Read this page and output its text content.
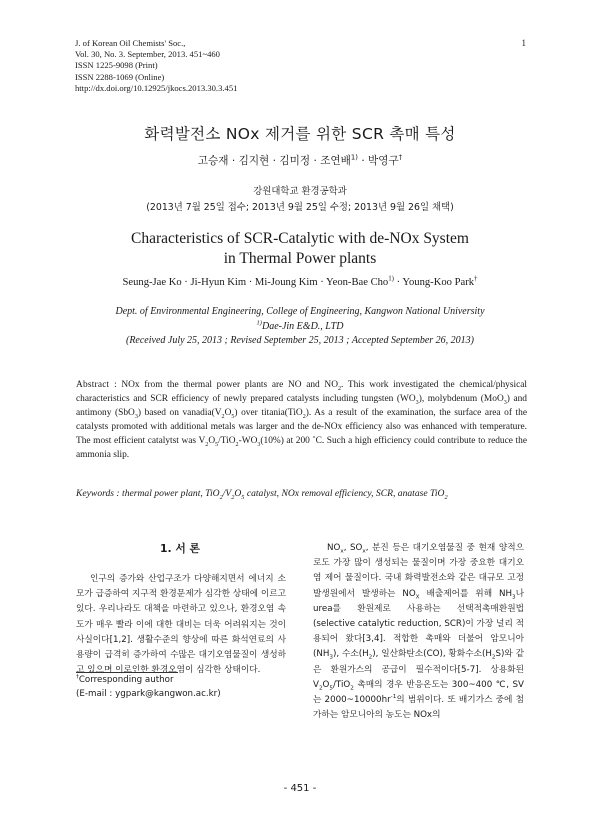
J. of Korean Oil Chemists' Soc.,
Vol. 30, No. 3. September, 2013. 451~460
ISSN 1225-9098 (Print)
ISSN 2288-1069 (Online)
http://dx.doi.org/10.12925/jkocs.2013.30.3.451
1
화력발전소 NOx 제거를 위한 SCR 촉매 특성
고승재 · 김지현 · 김미정 · 조연배$^{1)}$ · 박영구†
강원대학교 환경공학과
(2013년 7월 25일 접수; 2013년 9월 25일 수정; 2013년 9월 26일 채택)
Characteristics of SCR-Catalytic with de-NOx System
in Thermal Power plants
Seung-Jae Ko · Ji-Hyun Kim · Mi-Joung Kim · Yeon-Bae Cho$^{1)}$ · Young-Koo Park†
Dept. of Environmental Engineering, College of Engineering, Kangwon National University
$^{1)}$Dae-Jin E&D., LTD
(Received July 25, 2013 ; Revised September 25, 2013 ; Accepted September 26, 2013)
Abstract : NOx from the thermal power plants are NO and $NO_2$. This work investigated the chemical/physical characteristics and SCR efficiency of newly prepared catalysts including tungsten $(WO_3)$, molybdenum (MoO$_3$) and antimony (SbO$_3$) based on $vanadia(V_2O_5)$ over titania(TiO$_2$). As a result of the examination, the surface area of the catalysts promoted with additional metals was larger and the de-NOx efficiency also was enhanced with temperature. The most efficient catalytst was $V_2O_5/TiO_2-WO_3(10\%)$ at 200 ˚C. Such a high efficiency could contribute to reduce the ammonia slip.
Keywords : thermal power plant, $TiO_2/V_2O_5$ catalyst, NOx removal efficiency, SCR, anatase TiO$_2$
1. 서 론

인구의 증가와 산업구조가 다양해지면서 에너지 소모가 급증하여 지구적 환경문제가 심각한 상태에 이르고 있다. 우리나라도 대책을 마련하고 있으나, 환경오염 속도가 매우 빨라 이에 대한 대비는 더욱 어려워지는 것이 사실이다[1,2]. 생활수준의 향상에 따른 화석연료의 사용량이 급격히 증가하여 수많은 대기오염물질이 생성하고 있으며 이로인한 환경오염이 심각한 상태이다.

†Corresponding author
(E-mail : ygpark@kangwon.ac.kr)

$NO_x$, $SO_x$, 분진 등은 대기오염물질 중 현재 양적으로도 가장 많이 생성되는 물질이며 가장 중요한 대기오염 제어 물질이다. 국내 화력발전소와 같은 대규모 고정발생원에서 발생하는 $NO_X$ 배출제어를 위해 $NH_3$나 urea를 환원제로 사용하는 선택적촉매환원법(selective catalytic reduction, SCR)이 가장 널리 적용되어 왔다[3,4]. 적합한 촉매와 더불어 암모니아 $(NH_3)$, 수소$(H_2)$, 일산화탄소(CO), 황화수소$(H_2S)$와 같은 환원가스의 공급이 필수적이다[5-7]. 상용화된 $V_2O_5/TiO_2$ 촉매의 경우 반응온도는 300~400 ℃, SV는 $2000\sim 10000hr^{-1}$의 범위이다. 또 배기가스 중에 첨가하는 암모니아의 농도는 NOx의

- 451 -
